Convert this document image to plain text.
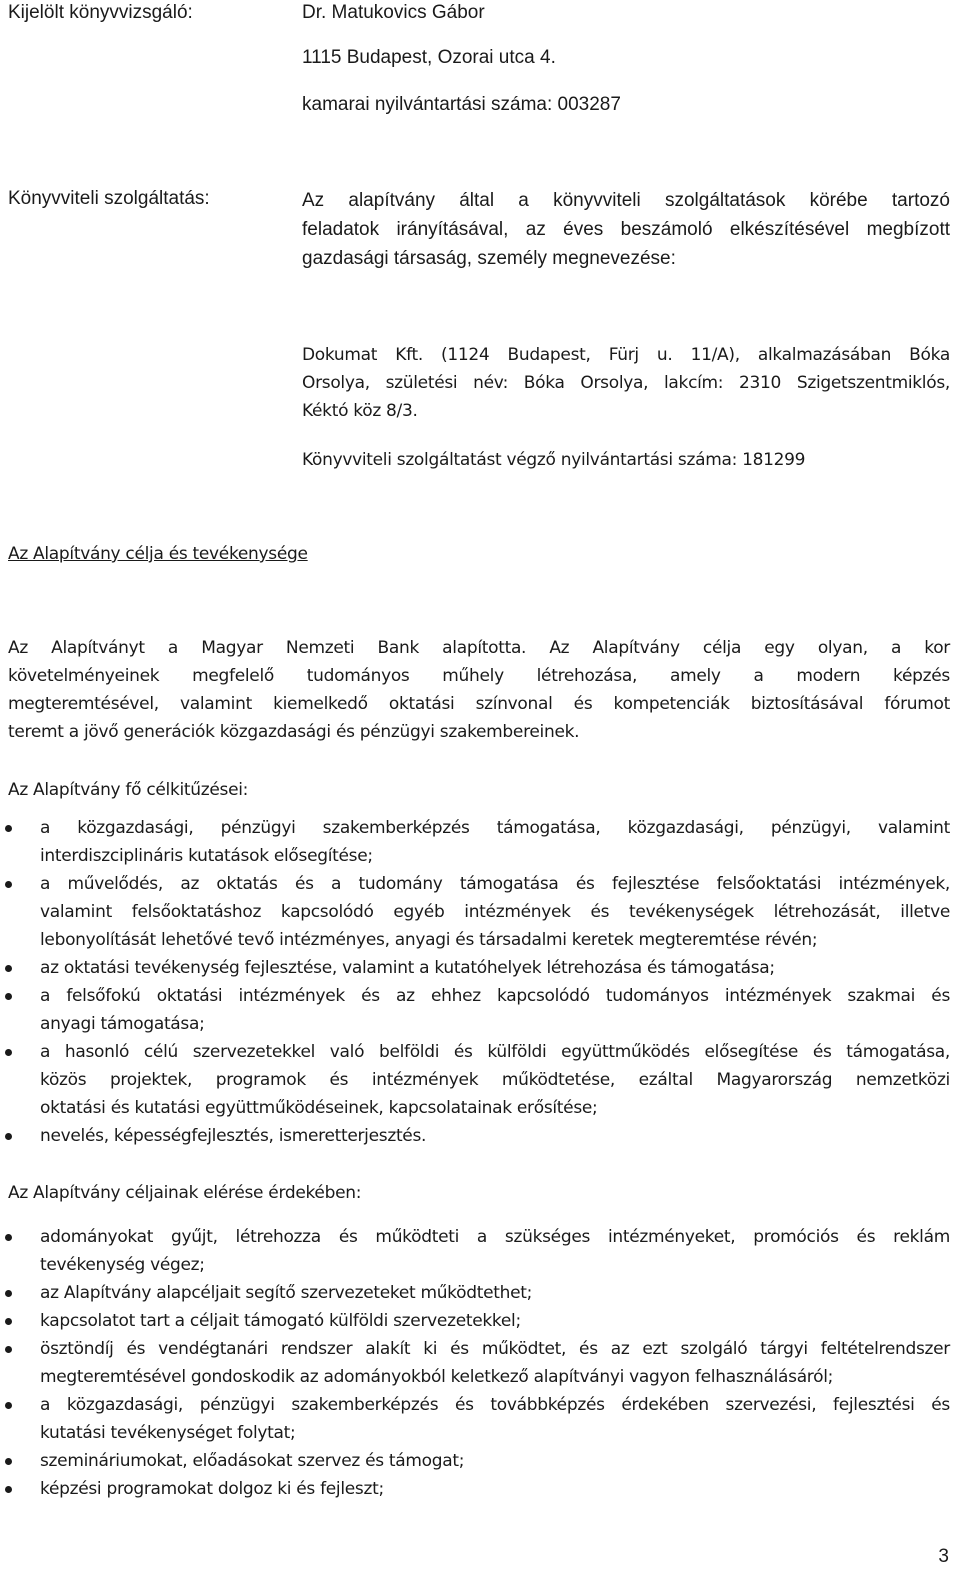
Kijelölt könyvvizsgáló:	Dr. Matukovics Gábor
1115 Budapest, Ozorai utca 4.
kamarai nyilvántartási száma: 003287
Könyvviteli szolgáltatás:	Az alapítvány által a könyvviteli szolgáltatások körébe tartozó
feladatok irányításával, az éves beszámoló elkészítésével megbízott
gazdasági társaság, személy megnevezése:
Dokumat Kft. (1124 Budapest, Fürj u. 11/A), alkalmazásában Bóka
Orsolya, születési név: Bóka Orsolya, lakcím: 2310 Szigetszentmiklós,
Kéktó köz 8/3.
Könyvviteli szolgáltatást végző nyilvántartási száma: 181299
Az Alapítvány célja és tevékenysége
Az Alapítványt a Magyar Nemzeti Bank alapította. Az Alapítvány célja egy olyan, a kor
követelményeinek megfelelő tudományos műhely létrehozása, amely a modern képzés
megteremtésével, valamint kiemelkedő oktatási színvonal és kompetenciák biztosításával fórumot
teremt a jövő generációk közgazdasági és pénzügyi szakembereinek.
Az Alapítvány fő célkitűzései:
a közgazdasági, pénzügyi szakemberképzés támogatása, közgazdasági, pénzügyi, valamint
interdiszciplináris kutatások elősegítése;
a művelődés, az oktatás és a tudomány támogatása és fejlesztése felsőoktatási intézmények,
valamint felsőoktatáshoz kapcsolódó egyéb intézmények és tevékenységek létrehozását, illetve
lebonyolítását lehetővé tevő intézményes, anyagi és társadalmi keretek megteremtése révén;
az oktatási tevékenység fejlesztése, valamint a kutatóhelyek létrehozása és támogatása;
a felsőfokú oktatási intézmények és az ehhez kapcsolódó tudományos intézmények szakmai és
anyagi támogatása;
a hasonló célú szervezetekkel való belföldi és külföldi együttműködés elősegítése és támogatása,
közös projektek, programok és intézmények működtetése, ezáltal Magyarország nemzetközi
oktatási és kutatási együttműködéseinek, kapcsolatainak erősítése;
nevelés, képességfejlesztés, ismeretterjesztés.
Az Alapítvány céljainak elérése érdekében:
adományokat gyűjt, létrehozza és működteti a szükséges intézményeket, promóciós és reklám
tevékenység végez;
az Alapítvány alapcéljait segítő szervezeteket működtethet;
kapcsolatot tart a céljait támogató külföldi szervezetekkel;
ösztöndíj és vendégtanári rendszer alakít ki és működtet, és az ezt szolgáló tárgyi feltételrendszer
megteremtésével gondoskodik az adományokból keletkező alapítványi vagyon felhasználásáról;
a közgazdasági, pénzügyi szakemberképzés és továbbképzés érdekében szervezési, fejlesztési és
kutatási tevékenységet folytat;
szemináriumokat, előadásokat szervez és támogat;
képzési programokat dolgoz ki és fejleszt;
3
